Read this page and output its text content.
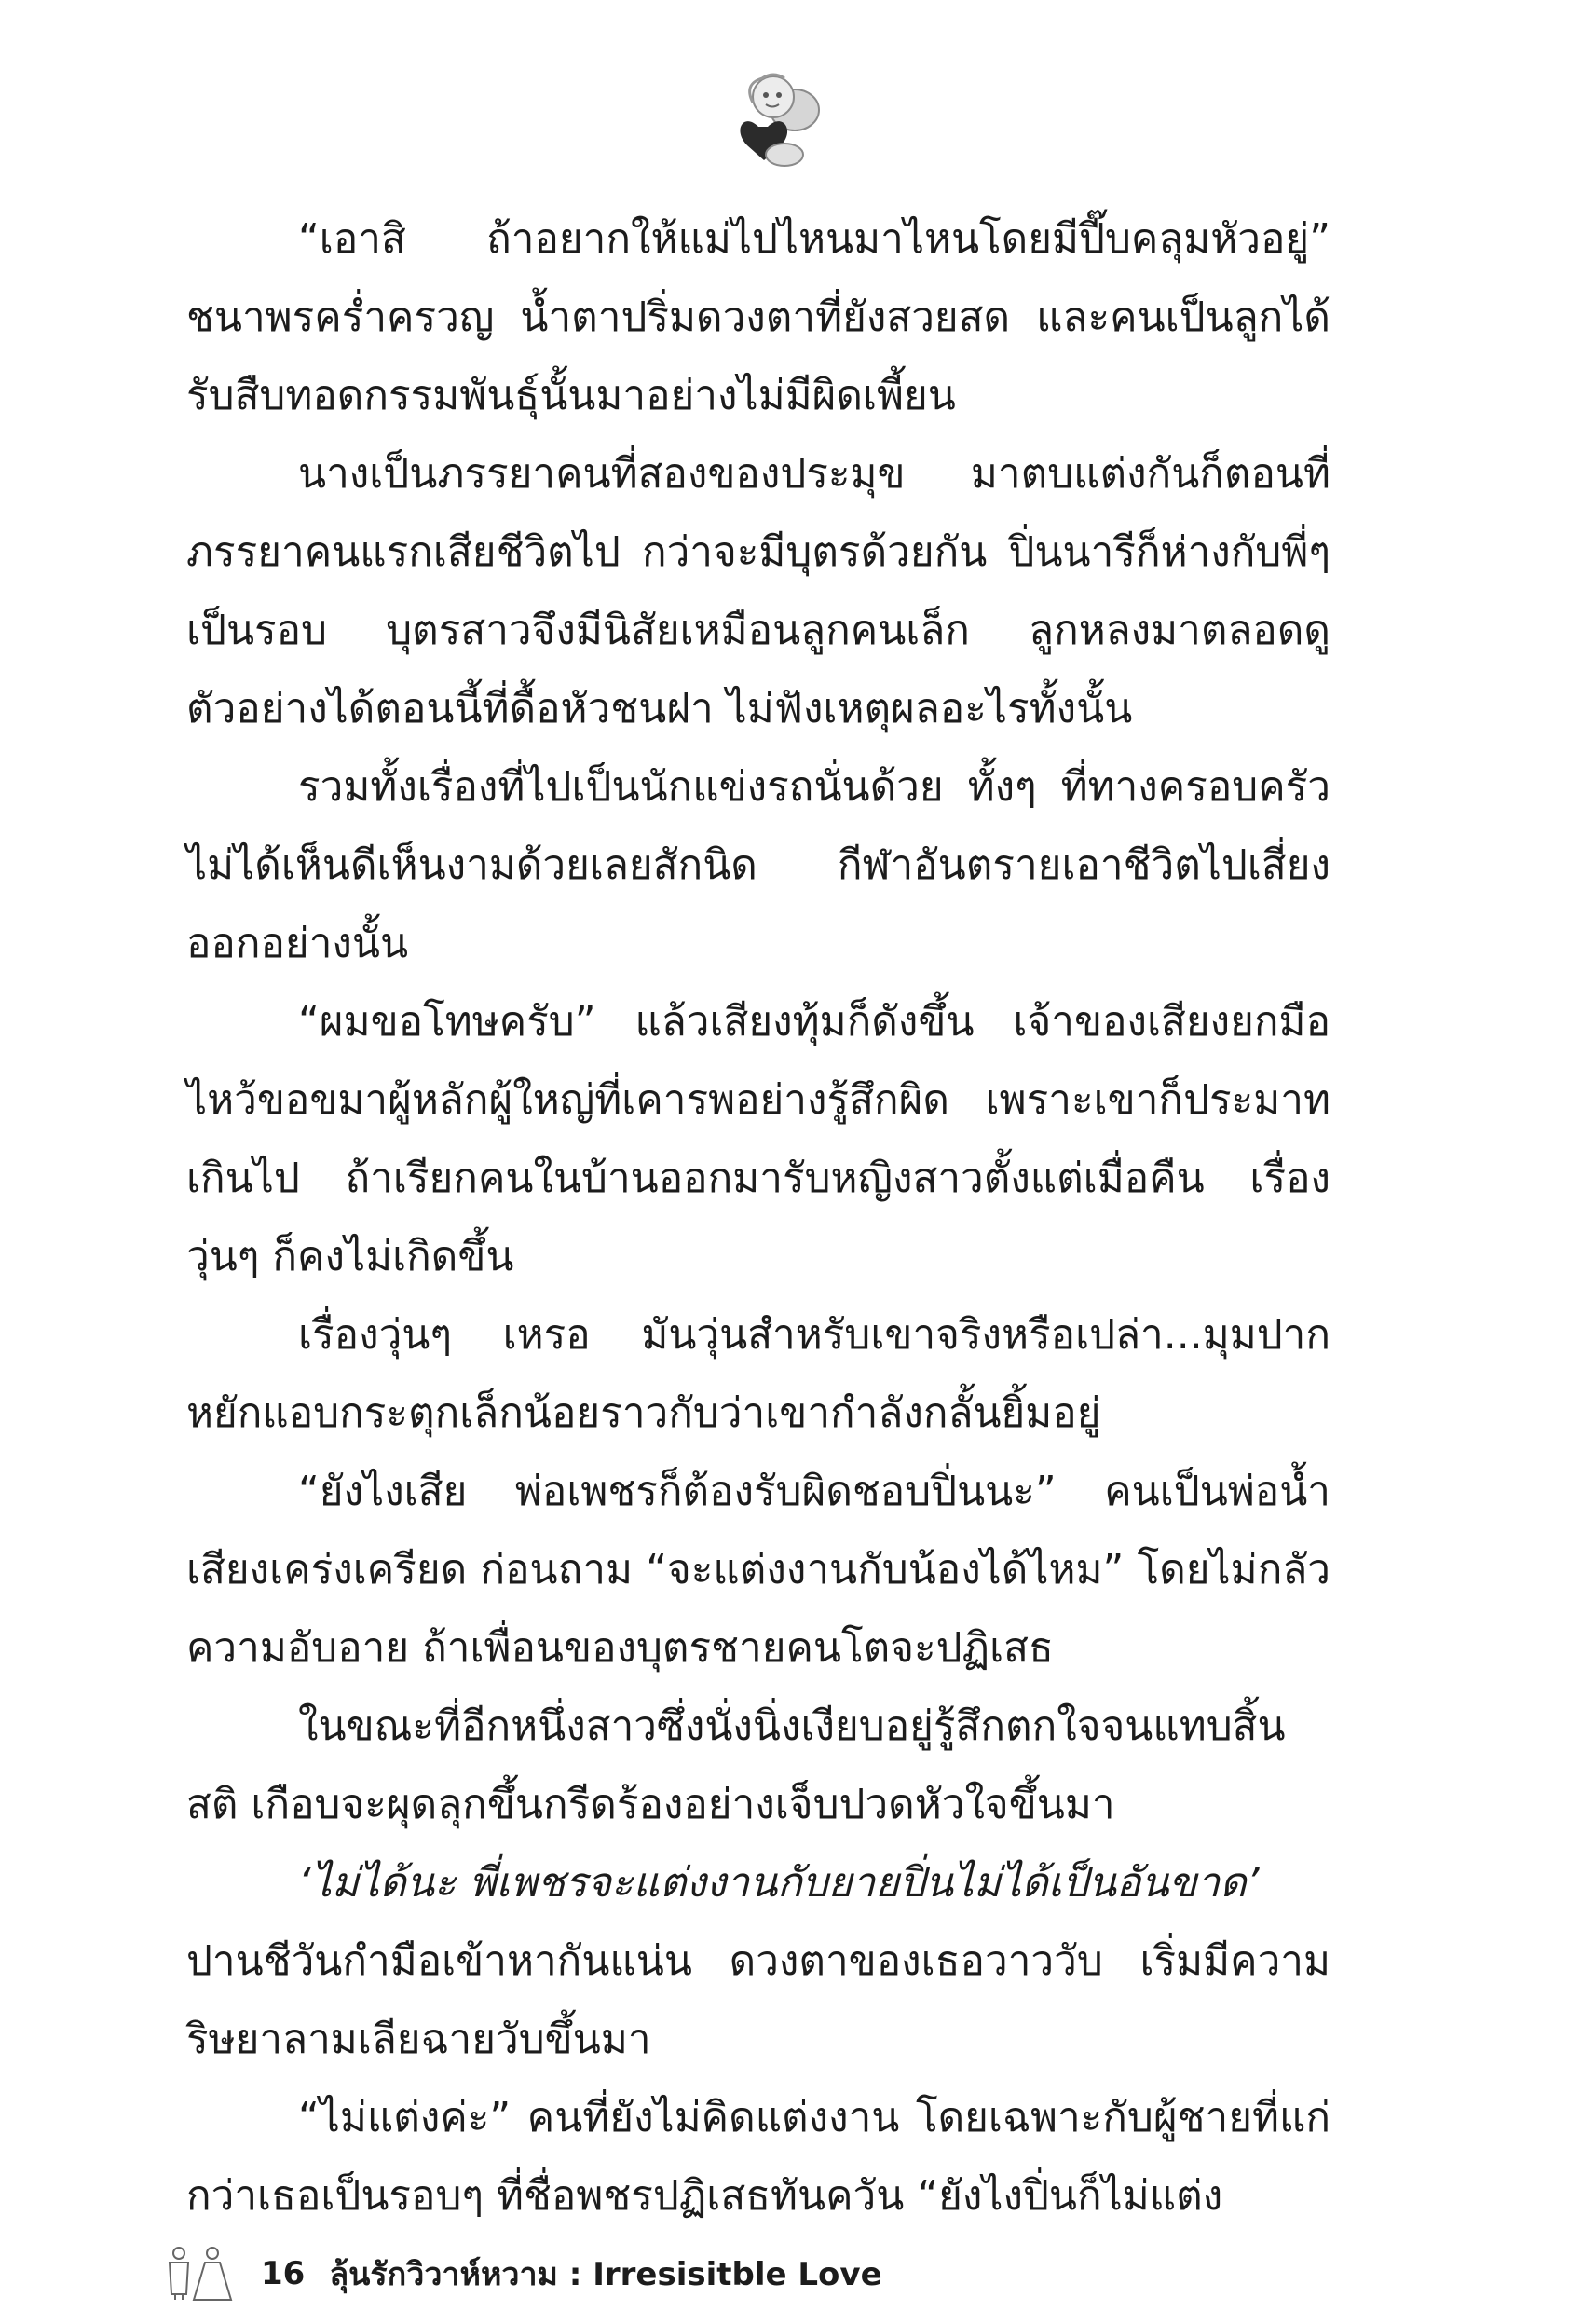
“เอาสิ ถ้าอยากให้แม่ไปไหนมาไหนโดยมีปี๊บคลุมหัวอยู่” ชนาพรคร่ำครวญ น้ำตาปริ่มดวงตาที่ยังสวยสด และคนเป็นลูกได้รับสืบทอดกรรมพันธุ์นั้นมาอย่างไม่มีผิดเพี้ยน

นางเป็นภรรยาคนที่สองของประมุข มาตบแต่งกันก็ตอนที่ภรรยาคนแรกเสียชีวิตไป กว่าจะมีบุตรด้วยกัน ปิ่นนารีก็ห่างกับพี่ๆ เป็นรอบ บุตรสาวจึงมีนิสัยเหมือนลูกคนเล็ก ลูกหลงมาตลอดดูตัวอย่างได้ตอนนี้ที่ดื้อหัวชนฝา ไม่ฟังเหตุผลอะไรทั้งนั้น

รวมทั้งเรื่องที่ไปเป็นนักแข่งรถนั่นด้วย ทั้งๆ ที่ทางครอบครัวไม่ได้เห็นดีเห็นงามด้วยเลยสักนิด กีฬาอันตรายเอาชีวิตไปเสี่ยงออกอย่างนั้น

“ผมขอโทษครับ” แล้วเสียงทุ้มก็ดังขึ้น เจ้าของเสียงยกมือไหว้ขอขมาผู้หลักผู้ใหญ่ที่เคารพอย่างรู้สึกผิด เพราะเขาก็ประมาทเกินไป ถ้าเรียกคนในบ้านออกมารับหญิงสาวตั้งแต่เมื่อคืน เรื่องวุ่นๆ ก็คงไม่เกิดขึ้น

เรื่องวุ่นๆ เหรอ มันวุ่นสำหรับเขาจริงหรือเปล่า...มุมปากหยักแอบกระตุกเล็กน้อยราวกับว่าเขากำลังกลั้นยิ้มอยู่

“ยังไงเสีย พ่อเพชรก็ต้องรับผิดชอบปิ่นนะ” คนเป็นพ่อน้ำเสียงเคร่งเครียด ก่อนถาม “จะแต่งงานกับน้องได้ไหม” โดยไม่กลัวความอับอาย ถ้าเพื่อนของบุตรชายคนโตจะปฏิเสธ

ในขณะที่อีกหนึ่งสาวซึ่งนั่งนิ่งเงียบอยู่รู้สึกตกใจจนแทบสิ้นสติ เกือบจะผุดลุกขึ้นกรีดร้องอย่างเจ็บปวดหัวใจขึ้นมา

‘ไม่ได้นะ พี่เพชรจะแต่งงานกับยายปิ่นไม่ได้เป็นอันขาด’

ปานชีวันกำมือเข้าหากันแน่น ดวงตาของเธอวาววับ เริ่มมีความริษยาลามเลียฉายวับขึ้นมา

“ไม่แต่งค่ะ” คนที่ยังไม่คิดแต่งงาน โดยเฉพาะกับผู้ชายที่แก่กว่าเธอเป็นรอบๆ ที่ชื่อพชรปฏิเสธทันควัน “ยังไงปิ่นก็ไม่แต่ง

16 ลุ้นรักวิวาห์หวาม : Irresisitble Love
